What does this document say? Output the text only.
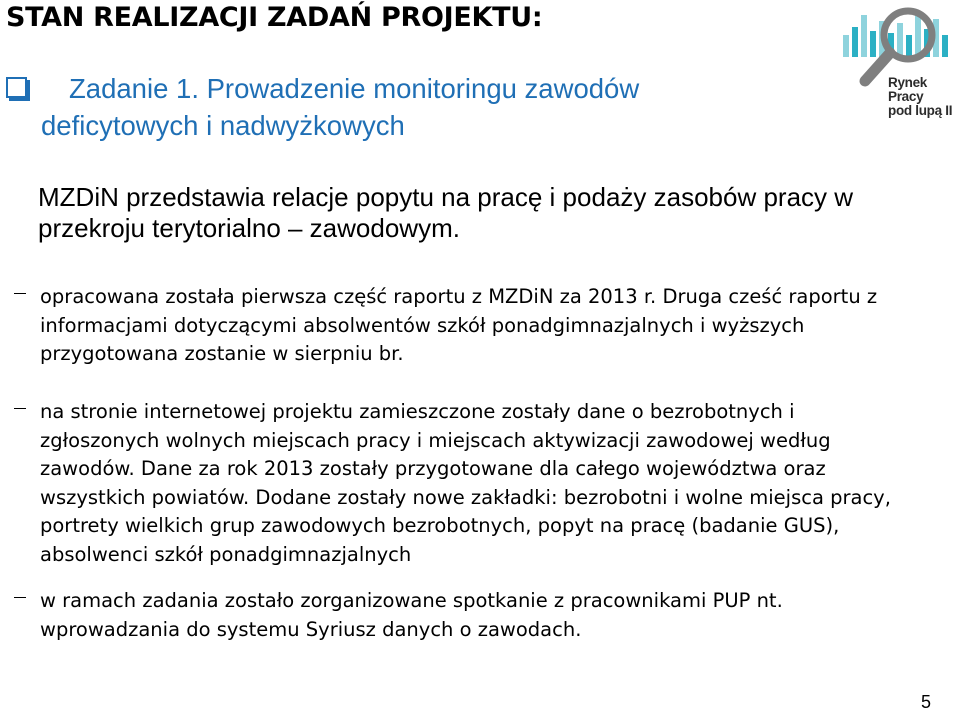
STAN REALIZACJI ZADAŃ PROJEKTU:
Zadanie 1. Prowadzenie monitoringu zawodów
deficytowych i nadwyżkowych
MZDiN przedstawia relacje popytu na pracę i podaży zasobów pracy w przekroju terytorialno – zawodowym.
opracowana została pierwsza część raportu z MZDiN za 2013 r. Druga cześć raportu z informacjami dotyczącymi absolwentów szkół ponadgimnazjalnych i wyższych przygotowana zostanie w sierpniu br.
na stronie internetowej projektu zamieszczone zostały dane o bezrobotnych i zgłoszonych wolnych miejscach pracy i miejscach aktywizacji zawodowej według zawodów. Dane za rok 2013 zostały przygotowane dla całego województwa oraz wszystkich powiatów. Dodane zostały nowe zakładki: bezrobotni i wolne miejsca pracy, portrety wielkich grup zawodowych bezrobotnych, popyt na pracę (badanie GUS), absolwenci szkół ponadgimnazjalnych
w ramach zadania zostało zorganizowane spotkanie z pracownikami PUP nt. wprowadzania do systemu Syriusz danych o zawodach.
Rynek Pracy
pod lupą II
5
